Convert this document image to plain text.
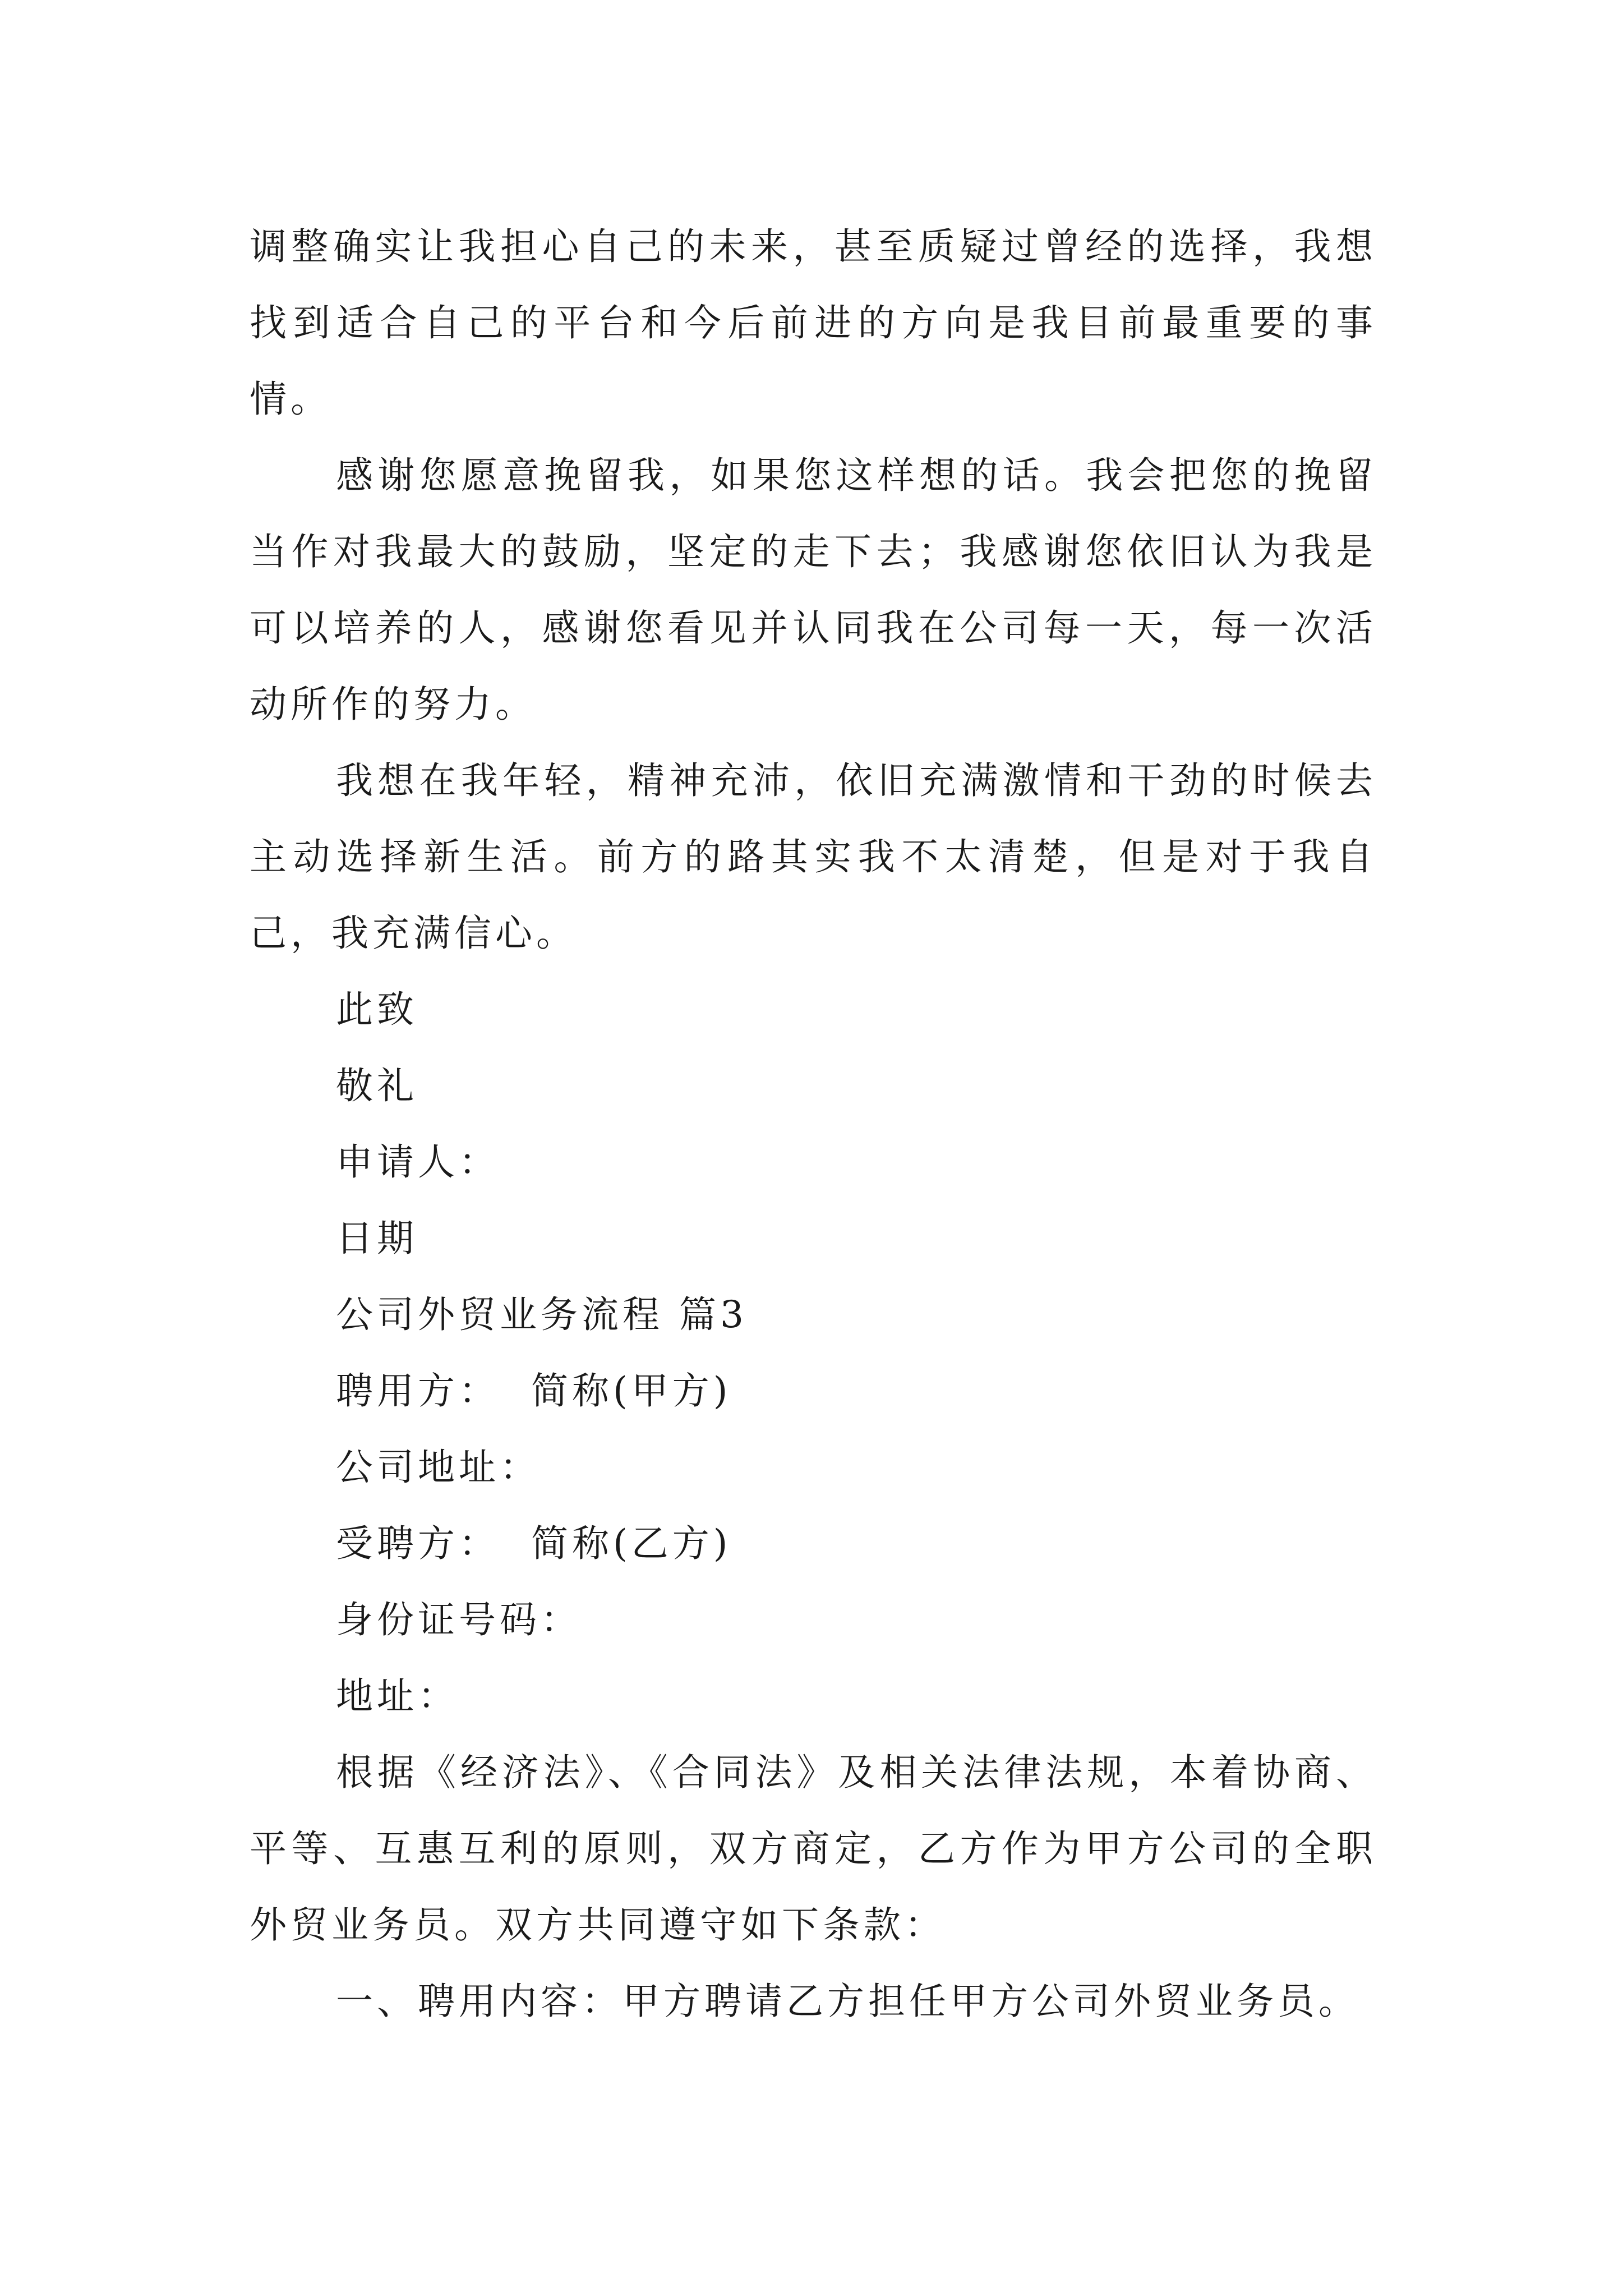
调整确实让我担心自己的未来，甚至质疑过曾经的选择，我想找到适合自己的平台和今后前进的方向是我目前最重要的事情。

感谢您愿意挽留我，如果您这样想的话。我会把您的挽留当作对我最大的鼓励，坚定的走下去；我感谢您依旧认为我是可以培养的人，感谢您看见并认同我在公司每一天，每一次活动所作的努力。

我想在我年轻，精神充沛，依旧充满激情和干劲的时候去主动选择新生活。前方的路其实我不太清楚，但是对于我自己，我充满信心。

此致

敬礼

申请人：

日期

公司外贸业务流程 篇3

聘用方：  简称(甲方)

公司地址：

受聘方：  简称(乙方)

身份证号码：

地址：

根据《经济法》、《合同法》及相关法律法规，本着协商、平等、互惠互利的原则，双方商定，乙方作为甲方公司的全职外贸业务员。双方共同遵守如下条款：

一、聘用内容：甲方聘请乙方担任甲方公司外贸业务员。
